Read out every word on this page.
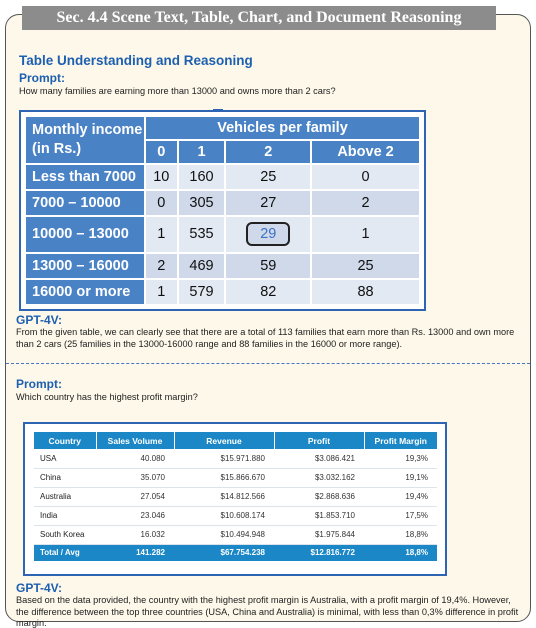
Table Understanding and Reasoning
Prompt:
How many families are earning more than 13000 and owns more than 2 cars?
Monthly income (in Rs.)	Vehicles per family			
	0	1	2	Above 2
Less than 7000	10	160	25	0
7000 – 10000	0	305	27	2
10000 – 13000	1	535	29	1
13000 – 16000	2	469	59	25
16000 or more	1	579	82	88
GPT-4V:
From the given table, we can clearly see that there are a total of 113 families that earn more than Rs. 13000 and own more than 2 cars (25 families in the 13000-16000 range and 88 families in the 16000 or more range).
Prompt:
Which country has the highest profit margin?
Country	Sales Volume	Revenue	Profit	Profit Margin
USA	40.080	$15.971.880	$3.086.421	19,3%
China	35.070	$15.866.670	$3.032.162	19,1%
Australia	27.054	$14.812.566	$2.868.636	19,4%
India	23.046	$10.608.174	$1.853.710	17,5%
South Korea	16.032	$10.494.948	$1.975.844	18,8%
Total / Avg	141.282	$67.754.238	$12.816.772	18,8%
GPT-4V:
Based on the data provided, the country with the highest profit margin is Australia, with a profit margin of 19,4%. However, the difference between the top three countries (USA, China and Australia) is minimal, with less than 0,3% difference in profit margin.
Sec. 4.4 Scene Text, Table, Chart, and Document Reasoning
